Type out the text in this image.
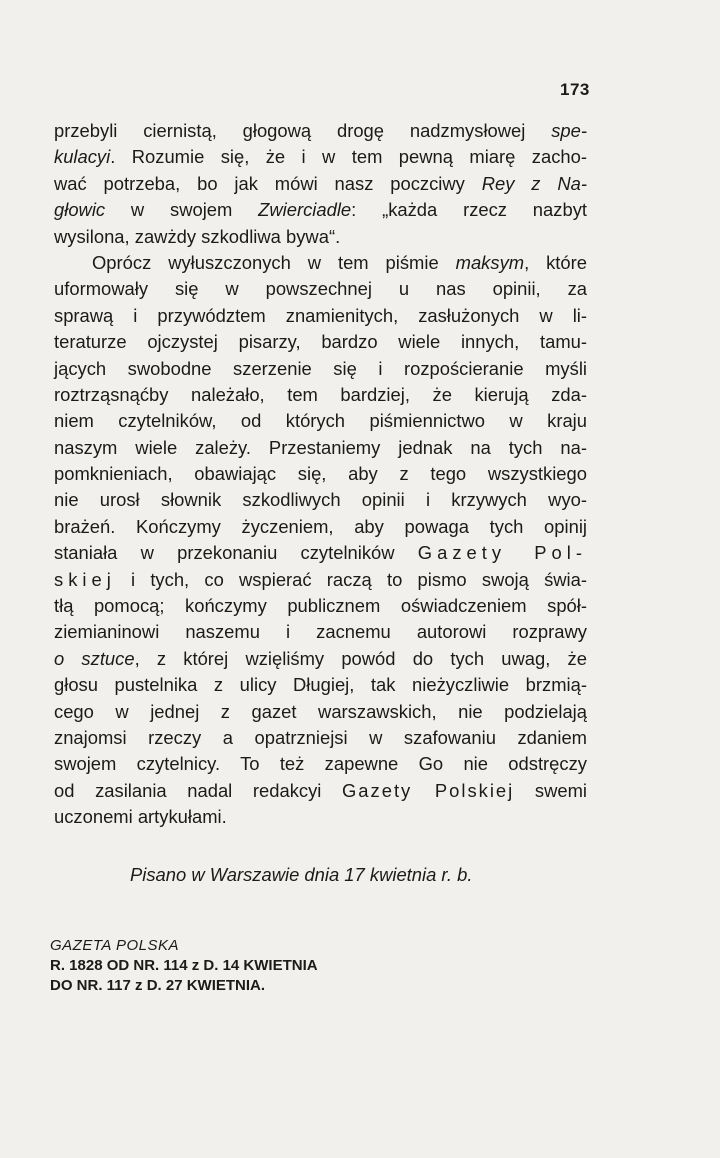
173
przebyli ciernistą, głogową drogę nadzmysłowej spe-
kulacyi. Rozumie się, że i w tem pewną miarę zacho-
wać potrzeba, bo jak mówi nasz poczciwy Rey z Na-
głowic w swojem Zwierciadle: „każda rzecz nazbyt
wysilona, zawżdy szkodliwa bywa“.
Oprócz wyłuszczonych w tem piśmie maksym, które
uformowały się w powszechnej u nas opinii, za
sprawą i przywództem znamienitych, zasłużonych w li-
teraturze ojczystej pisarzy, bardzo wiele innych, tamu-
jących swobodne szerzenie się i rozpościeranie myśli
roztrząsnąćby należało, tem bardziej, że kierują zda-
niem czytelników, od których piśmiennictwo w kraju
naszym wiele zależy. Przestaniemy jednak na tych na-
pomknieniach, obawiając się, aby z tego wszystkiego
nie urosł słownik szkodliwych opinii i krzywych wyo-
brażeń. Kończymy życzeniem, aby powaga tych opinij
staniała w przekonaniu czytelników Gazety Pol-
skiej i tych, co wspierać raczą to pismo swoją świa-
tłą pomocą; kończymy publicznem oświadczeniem spół-
ziemianinowi naszemu i zacnemu autorowi rozprawy
o sztuce, z której wzięliśmy powód do tych uwag, że
głosu pustelnika z ulicy Długiej, tak nieżyczliwie brzmią-
cego w jednej z gazet warszawskich, nie podzielają
znajomsi rzeczy a opatrzniejsi w szafowaniu zdaniem
swojem czytelnicy. To też zapewne Go nie odstręczy
od zasilania nadal redakcyi Gazety Polskiej swemi
uczonemi artykułami.
Pisano w Warszawie dnia 17 kwietnia r. b.
GAZETA POLSKA
R. 1828 OD NR. 114 z D. 14 KWIETNIA
DO NR. 117 z D. 27 KWIETNIA.
